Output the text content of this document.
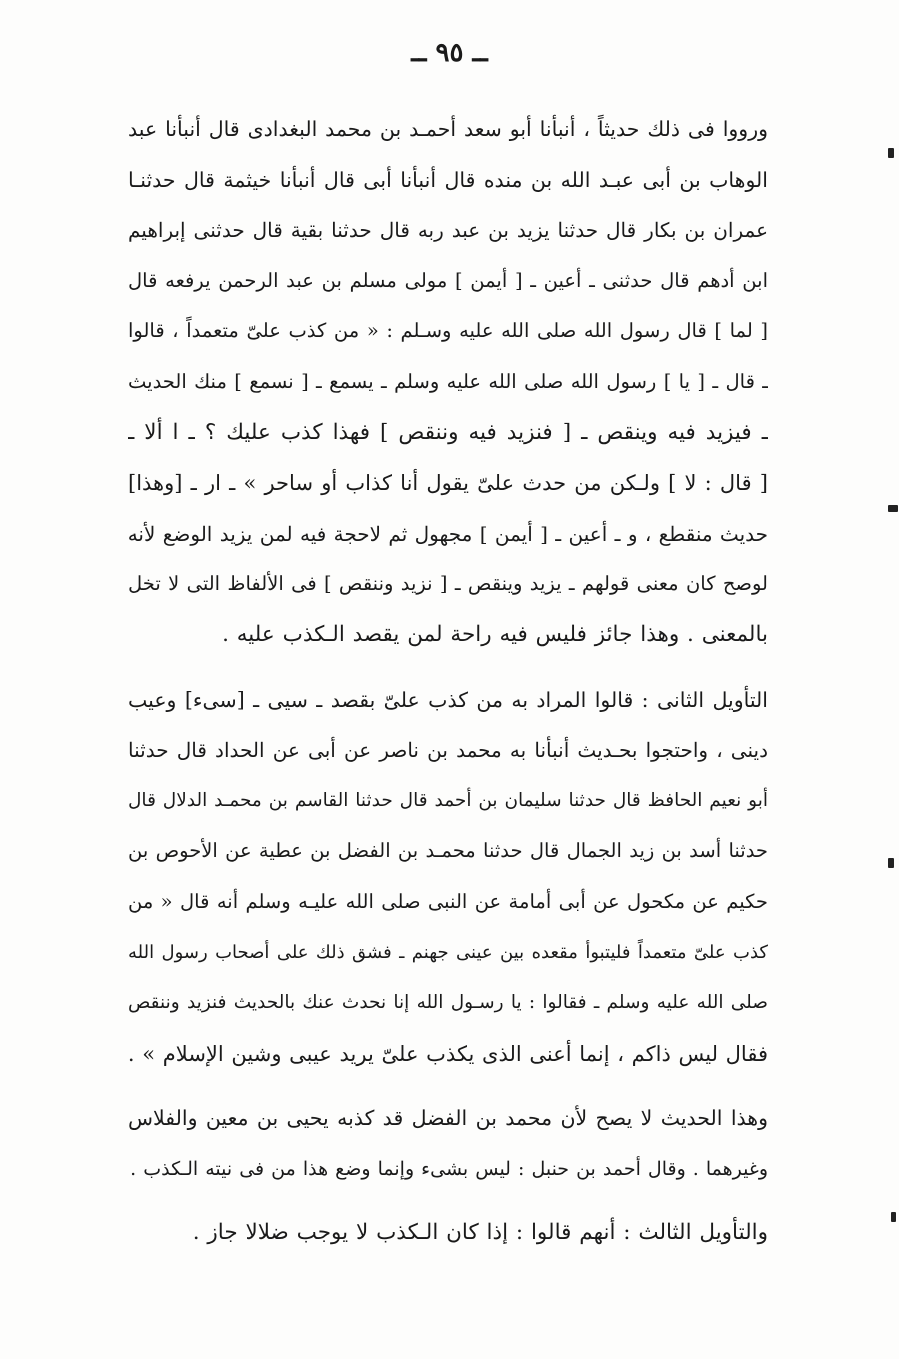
ــ ٩٥ ــ

ورووا فى ذلك حديثاً ، أنبأنا أبو سعد أحمـد بن محمد البغدادى قال أنبأنا عبد
الوهاب بن أبى عبـد الله بن منده قال أنبأنا أبى قال أنبأنا خيثمة قال حدثنـا
عمران بن بكار قال حدثنا يزيد بن عبد ربه قال حدثنا بقية قال حدثنى إبراهيم
ابن أدهم قال حدثنى ـ أعين ـ [ أيمن ] مولى مسلم بن عبد الرحمن يرفعه قال
[ لما ] قال رسول الله صلى الله عليه وسـلم : « من كذب علىّ متعمداً ، قالوا
ـ قال ـ [ يا ] رسول الله صلى الله عليه وسلم ـ يسمع ـ [ نسمع ] منك الحديث
ـ فيزيد فيه وينقص ـ [ فنزيد فيه وننقص ] فهذا كذب عليك ؟ ـ ا ألا ـ
[ قال : لا ] ولـكن من حدث علىّ يقول أنا كذاب أو ساحر » ـ ار ـ [وهذا]
حديث منقطع ، و ـ أعين ـ [ أيمن ] مجهول ثم لاحجة فيه لمن يزيد الوضع لأنه
لوصح كان معنى قولهم ـ يزيد وينقص ـ [ نزيد وننقص ] فى الألفاظ التى لا تخل
بالمعنى . وهذا جائز فليس فيه راحة لمن يقصد الـكذب عليه .

التأويل الثانى : قالوا المراد به من كذب علىّ بقصد ـ سيى ـ [سىء] وعيب
دينى ، واحتجوا بحـديث أنبأنا به محمد بن ناصر عن أبى عن الحداد قال حدثنا
أبو نعيم الحافظ قال حدثنا سليمان بن أحمد قال حدثنا القاسم بن محمـد الدلال قال
حدثنا أسد بن زيد الجمال قال حدثنا محمـد بن الفضل بن عطية عن الأحوص بن
حكيم عن مكحول عن أبى أمامة عن النبى صلى الله عليـه وسلم أنه قال « من
كذب علىّ متعمداً فليتبوأ مقعده بين عينى جهنم ـ فشق ذلك على أصحاب رسول الله
صلى الله عليه وسلم ـ فقالوا : يا رسـول الله إنا نحدث عنك بالحديث فنزيد وننقص
فقال ليس ذاكم ، إنما أعنى الذى يكذب علىّ يريد عيبى وشين الإسلام » .

وهذا الحديث لا يصح لأن محمد بن الفضل قد كذبه يحيى بن معين والفلاس
وغيرهما . وقال أحمد بن حنبل : ليس بشىء وإنما وضع هذا من فى نيته الـكذب .

والتأويل الثالث : أنهم قالوا : إذا كان الـكذب لا يوجب ضلالا جاز .
